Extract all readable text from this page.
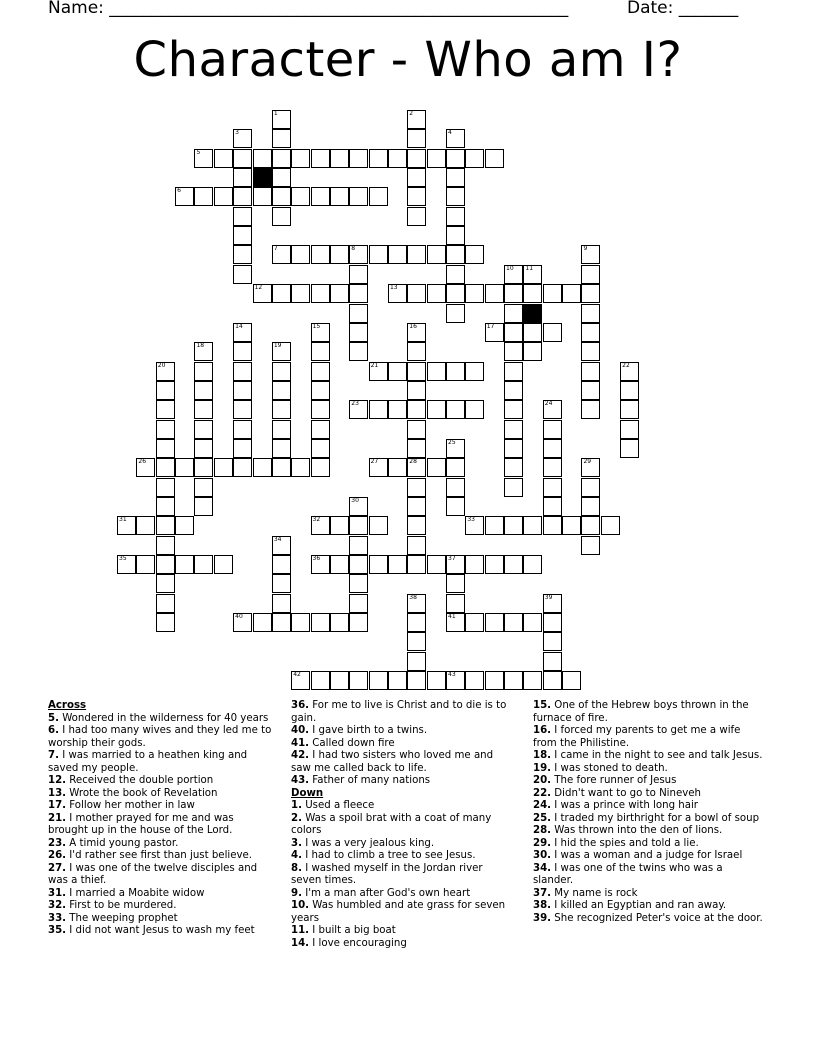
Name: ______________________________________________________	Date: _______
Character - Who am I?
5
6
7	8
12	13
17
21
23
26	27	28
31	32	33
35	36	37
40	41
42	43
1	2
3	4
9
10 11
14	15	16
18	19
20	22
24
25
29
30
34
38	39
Across
5. Wondered in the wilderness for 40 years
6. I had too many wives and they led me to worship their gods.
7. I was married to a heathen king and saved my people.
12. Received the double portion
13. Wrote the book of Revelation
17. Follow her mother in law
21. I mother prayed for me and was brought up in the house of the Lord.
23. A timid young pastor.
26. I'd rather see first than just believe.
27. I was one of the twelve disciples and was a thief.
31. I married a Moabite widow
32. First to be murdered.
33. The weeping prophet
35. I did not want Jesus to wash my feet
36. For me to live is Christ and to die is to gain.
40. I gave birth to a twins.
41. Called down fire
42. I had two sisters who loved me and saw me called back to life.
43. Father of many nations
Down
1. Used a fleece
2. Was a spoil brat with a coat of many colors
3. I was a very jealous king.
4. I had to climb a tree to see Jesus.
8. I washed myself in the Jordan river seven times.
9. I'm a man after God's own heart
10. Was humbled and ate grass for seven years
11. I built a big boat
14. I love encouraging
15. One of the Hebrew boys thrown in the furnace of fire.
16. I forced my parents to get me a wife from the Philistine.
18. I came in the night to see and talk Jesus.
19. I was stoned to death.
20. The fore runner of Jesus
22. Didn't want to go to Nineveh
24. I was a prince with long hair
25. I traded my birthright for a bowl of soup
28. Was thrown into the den of lions.
29. I hid the spies and told a lie.
30. I was a woman and a judge for Israel
34. I was one of the twins who was a slander.
37. My name is rock
38. I killed an Egyptian and ran away.
39. She recognized Peter's voice at the door.
